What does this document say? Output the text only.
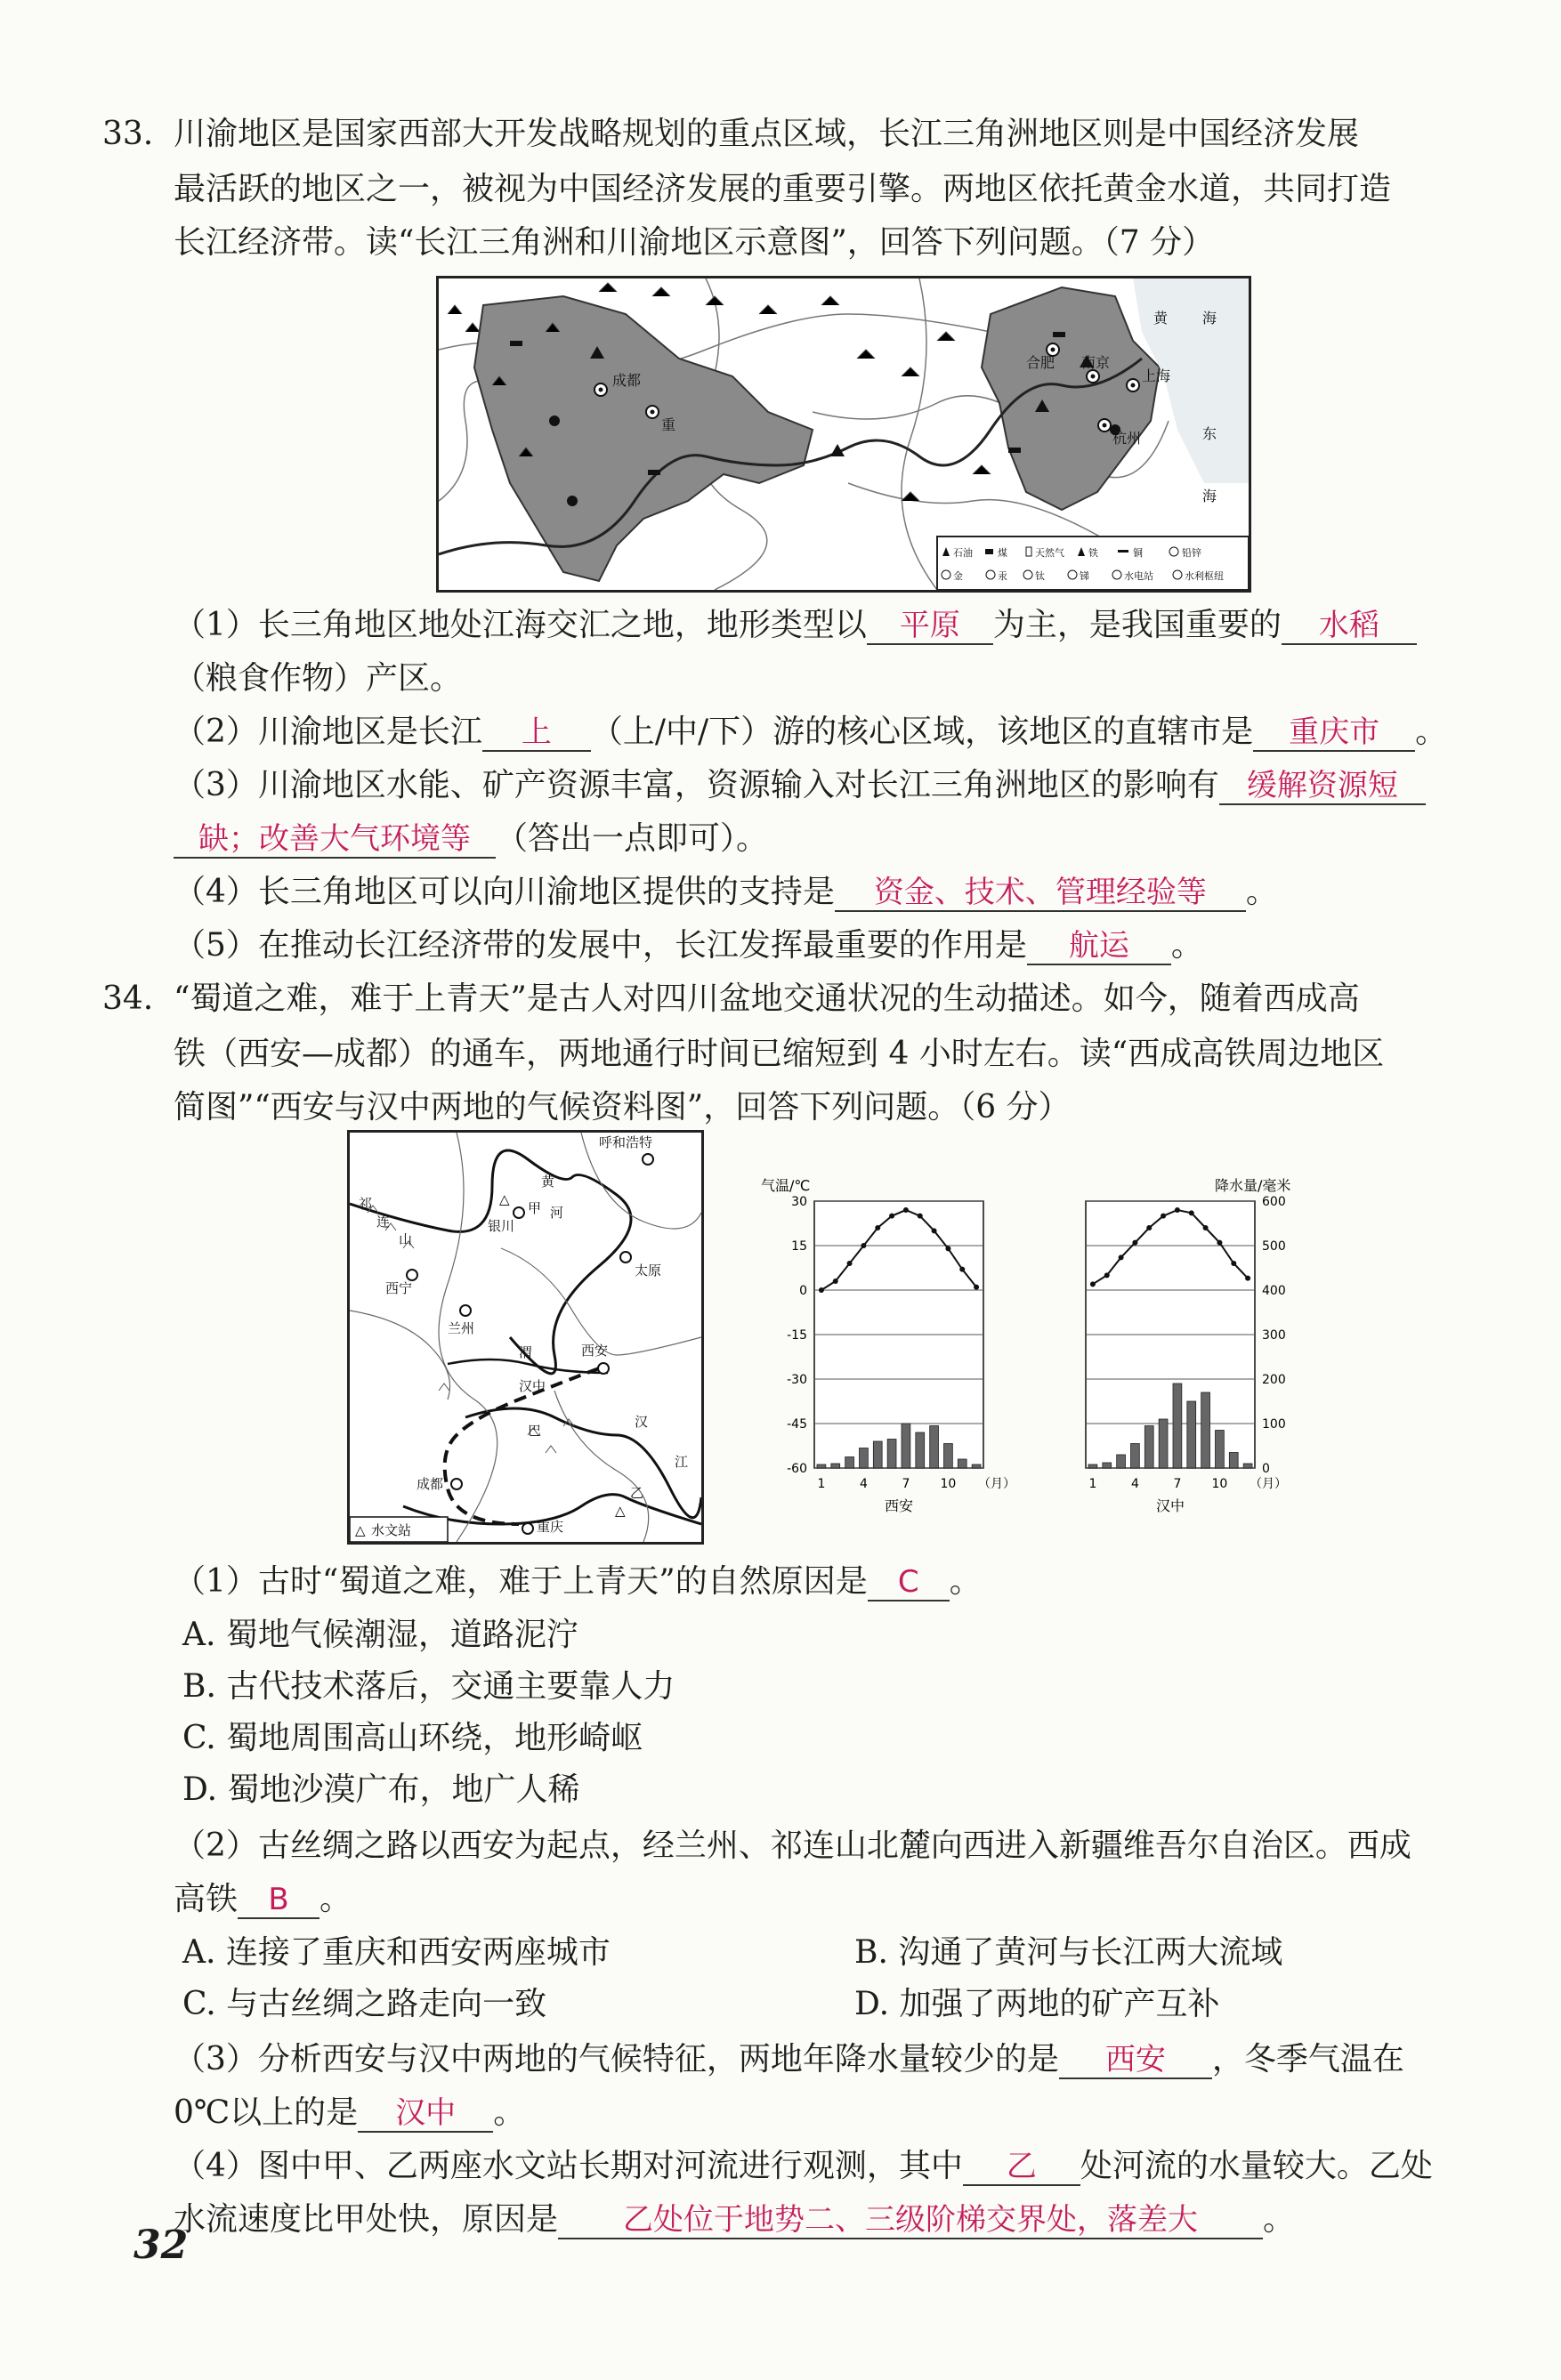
33. 川渝地区是国家西部大开发战略规划的重点区域，长江三角洲地区则是中国经济发展
最活跃的地区之一，被视为中国经济发展的重要引擎。两地区依托黄金水道，共同打造
长江经济带。读“长江三角洲和川渝地区示意图”，回答下列问题。（7 分）
黄 海
东
海
合肥 南京
上海
杭州
成都
重
石油	煤	天然气 铁	铜	铅锌
金	汞	钛	锑	水电站	水利枢纽
（1）长三角地区地处江海交汇之地，地形类型以 平原 为主，是我国重要的 水稻
（粮食作物）产区。
（2）川渝地区是长江 上 （上/中/下）游的核心区域，该地区的直辖市是 重庆市 。
（3）川渝地区水能、矿产资源丰富，资源输入对长江三角洲地区的影响有 缓解资源短
缺；改善大气环境等 （答出一点即可）。
（4）长三角地区可以向川渝地区提供的支持是 资金、技术、管理经验等 。
（5）在推动长江经济带的发展中，长江发挥最重要的作用是 航运 。
34. “蜀道之难，难于上青天”是古人对四川盆地交通状况的生动描述。如今，随着西成高
铁（西安—成都）的通车，两地通行时间已缩短到 4 小时左右。读“西成高铁周边地区
简图”“西安与汉中两地的气候资料图”，回答下列问题。（6 分）
△
△
呼和浩特
黄
河
银川
甲
祁
连
山
西宁
太原
兰州
渭	西安
汉中
汉
巴
江
成都
乙
重庆
△ 水文站
30
15
0
-15
-30
-45
-60
1	4	7 10 （月）
西安
600
500
400
300
200
100
0
1	4	7 10 （月）
汉中
气温/℃	降水量/毫米
（1）古时“蜀道之难，难于上青天”的自然原因是 C 。
A. 蜀地气候潮湿，道路泥泞
B. 古代技术落后，交通主要靠人力
C. 蜀地周围高山环绕，地形崎岖
D. 蜀地沙漠广布，地广人稀
（2）古丝绸之路以西安为起点，经兰州、祁连山北麓向西进入新疆维吾尔自治区。西成
高铁 B 。
A. 连接了重庆和西安两座城市	B. 沟通了黄河与长江两大流域
C. 与古丝绸之路走向一致	D. 加强了两地的矿产互补
（3）分析西安与汉中两地的气候特征，两地年降水量较少的是 西安 ，冬季气温在
0℃以上的是 汉中 。
（4）图中甲、乙两座水文站长期对河流进行观测，其中 乙 处河流的水量较大。乙处
水流速度比甲处快，原因是 乙处位于地势二、三级阶梯交界处，落差大 。
32
